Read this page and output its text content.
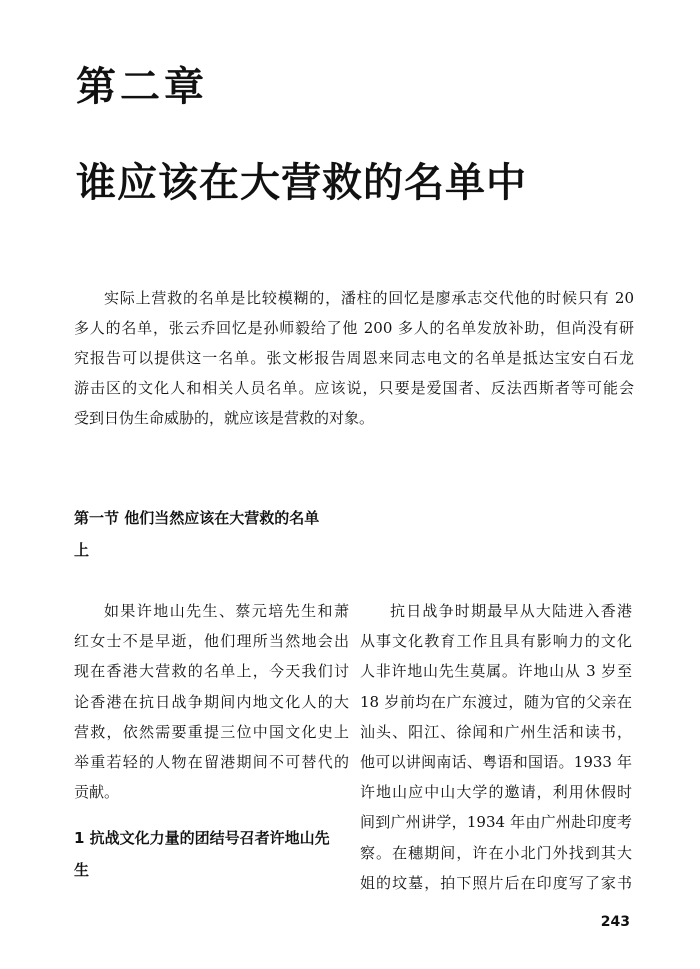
第二章
谁应该在大营救的名单中
实际上营救的名单是比较模糊的，潘柱的回忆是廖承志交代他的时候只有 20
多人的名单，张云乔回忆是孙师毅给了他 200 多人的名单发放补助，但尚没有研
究报告可以提供这一名单。张文彬报告周恩来同志电文的名单是抵达宝安白石龙
游击区的文化人和相关人员名单。应该说，只要是爱国者、反法西斯者等可能会
受到日伪生命威胁的，就应该是营救的对象。
第一节 他们当然应该在大营救的名单
上
如果许地山先生、蔡元培先生和萧
红女士不是早逝，他们理所当然地会出
现在香港大营救的名单上，今天我们讨
论香港在抗日战争期间内地文化人的大
营救，依然需要重提三位中国文化史上
举重若轻的人物在留港期间不可替代的
贡献。
1 抗战文化力量的团结号召者许地山先
生
抗日战争时期最早从大陆进入香港
从事文化教育工作且具有影响力的文化
人非许地山先生莫属。许地山从 3 岁至
18 岁前均在广东渡过，随为官的父亲在
汕头、阳江、徐闻和广州生活和读书，
他可以讲闽南话、粤语和国语。1933 年
许地山应中山大学的邀请，利用休假时
间到广州讲学，1934 年由广州赴印度考
察。在穗期间，许在小北门外找到其大
姐的坟墓，拍下照片后在印度写了家书
243
